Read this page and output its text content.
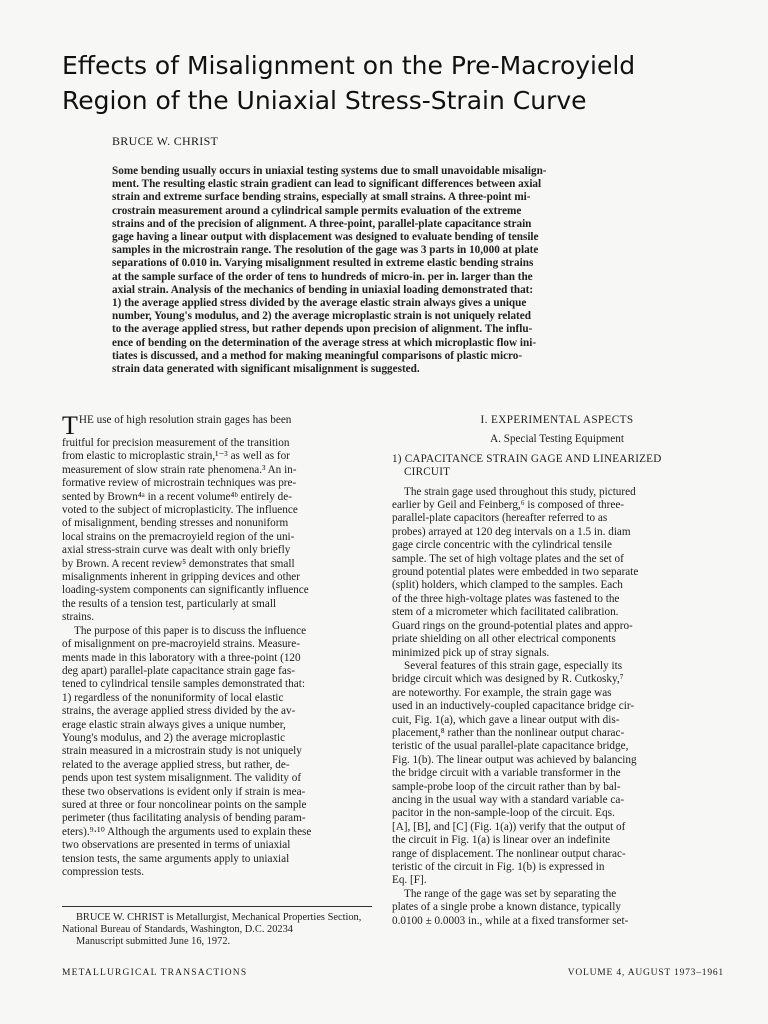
Effects of Misalignment on the Pre-Macroyield
Region of the Uniaxial Stress-Strain Curve
BRUCE W. CHRIST
Some bending usually occurs in uniaxial testing systems due to small unavoidable misalign-
ment. The resulting elastic strain gradient can lead to significant differences between axial
strain and extreme surface bending strains, especially at small strains. A three-point mi-
crostrain measurement around a cylindrical sample permits evaluation of the extreme
strains and of the precision of alignment. A three-point, parallel-plate capacitance strain
gage having a linear output with displacement was designed to evaluate bending of tensile
samples in the microstrain range. The resolution of the gage was 3 parts in 10,000 at plate
separations of 0.010 in. Varying misalignment resulted in extreme elastic bending strains
at the sample surface of the order of tens to hundreds of micro-in. per in. larger than the
axial strain. Analysis of the mechanics of bending in uniaxial loading demonstrated that:
1) the average applied stress divided by the average elastic strain always gives a unique
number, Young's modulus, and 2) the average microplastic strain is not uniquely related
to the average applied stress, but rather depends upon precision of alignment. The influ-
ence of bending on the determination of the average stress at which microplastic flow ini-
tiates is discussed, and a method for making meaningful comparisons of plastic micro-
strain data generated with significant misalignment is suggested.
THE use of high resolution strain gages has been
fruitful for precision measurement of the transition
from elastic to microplastic strain,¹⁻³ as well as for
measurement of slow strain rate phenomena.³ An in-
formative review of microstrain techniques was pre-
sented by Brown⁴ᵃ in a recent volume⁴ᵇ entirely de-
voted to the subject of microplasticity. The influence
of misalignment, bending stresses and nonuniform
local strains on the premacroyield region of the uni-
axial stress-strain curve was dealt with only briefly
by Brown. A recent review⁵ demonstrates that small
misalignments inherent in gripping devices and other
loading-system components can significantly influence
the results of a tension test, particularly at small
strains.
The purpose of this paper is to discuss the influence
of misalignment on pre-macroyield strains. Measure-
ments made in this laboratory with a three-point (120
deg apart) parallel-plate capacitance strain gage fas-
tened to cylindrical tensile samples demonstrated that:
1) regardless of the nonuniformity of local elastic
strains, the average applied stress divided by the av-
erage elastic strain always gives a unique number,
Young's modulus, and 2) the average microplastic
strain measured in a microstrain study is not uniquely
related to the average applied stress, but rather, de-
pends upon test system misalignment. The validity of
these two observations is evident only if strain is mea-
sured at three or four noncolinear points on the sample
perimeter (thus facilitating analysis of bending param-
eters).⁹⋅¹⁰ Although the arguments used to explain these
two observations are presented in terms of uniaxial
tension tests, the same arguments apply to uniaxial
compression tests.
I. EXPERIMENTAL ASPECTS
A. Special Testing Equipment
1) CAPACITANCE STRAIN GAGE AND LINEARIZED
CIRCUIT
The strain gage used throughout this study, pictured
earlier by Geil and Feinberg,⁶ is composed of three-
parallel-plate capacitors (hereafter referred to as
probes) arrayed at 120 deg intervals on a 1.5 in. diam
gage circle concentric with the cylindrical tensile
sample. The set of high voltage plates and the set of
ground potential plates were embedded in two separate
(split) holders, which clamped to the samples. Each
of the three high-voltage plates was fastened to the
stem of a micrometer which facilitated calibration.
Guard rings on the ground-potential plates and appro-
priate shielding on all other electrical components
minimized pick up of stray signals.
Several features of this strain gage, especially its
bridge circuit which was designed by R. Cutkosky,⁷
are noteworthy. For example, the strain gage was
used in an inductively-coupled capacitance bridge cir-
cuit, Fig. 1(a), which gave a linear output with dis-
placement,⁸ rather than the nonlinear output charac-
teristic of the usual parallel-plate capacitance bridge,
Fig. 1(b). The linear output was achieved by balancing
the bridge circuit with a variable transformer in the
sample-probe loop of the circuit rather than by bal-
ancing in the usual way with a standard variable ca-
pacitor in the non-sample-loop of the circuit. Eqs.
[A], [B], and [C] (Fig. 1(a)) verify that the output of
the circuit in Fig. 1(a) is linear over an indefinite
range of displacement. The nonlinear output charac-
teristic of the circuit in Fig. 1(b) is expressed in
Eq. [F].
The range of the gage was set by separating the
plates of a single probe a known distance, typically
0.0100 ± 0.0003 in., while at a fixed transformer set-
BRUCE W. CHRIST is Metallurgist, Mechanical Properties Section,
National Bureau of Standards, Washington, D.C. 20234
Manuscript submitted June 16, 1972.
METALLURGICAL TRANSACTIONS	VOLUME 4, AUGUST 1973–1961
